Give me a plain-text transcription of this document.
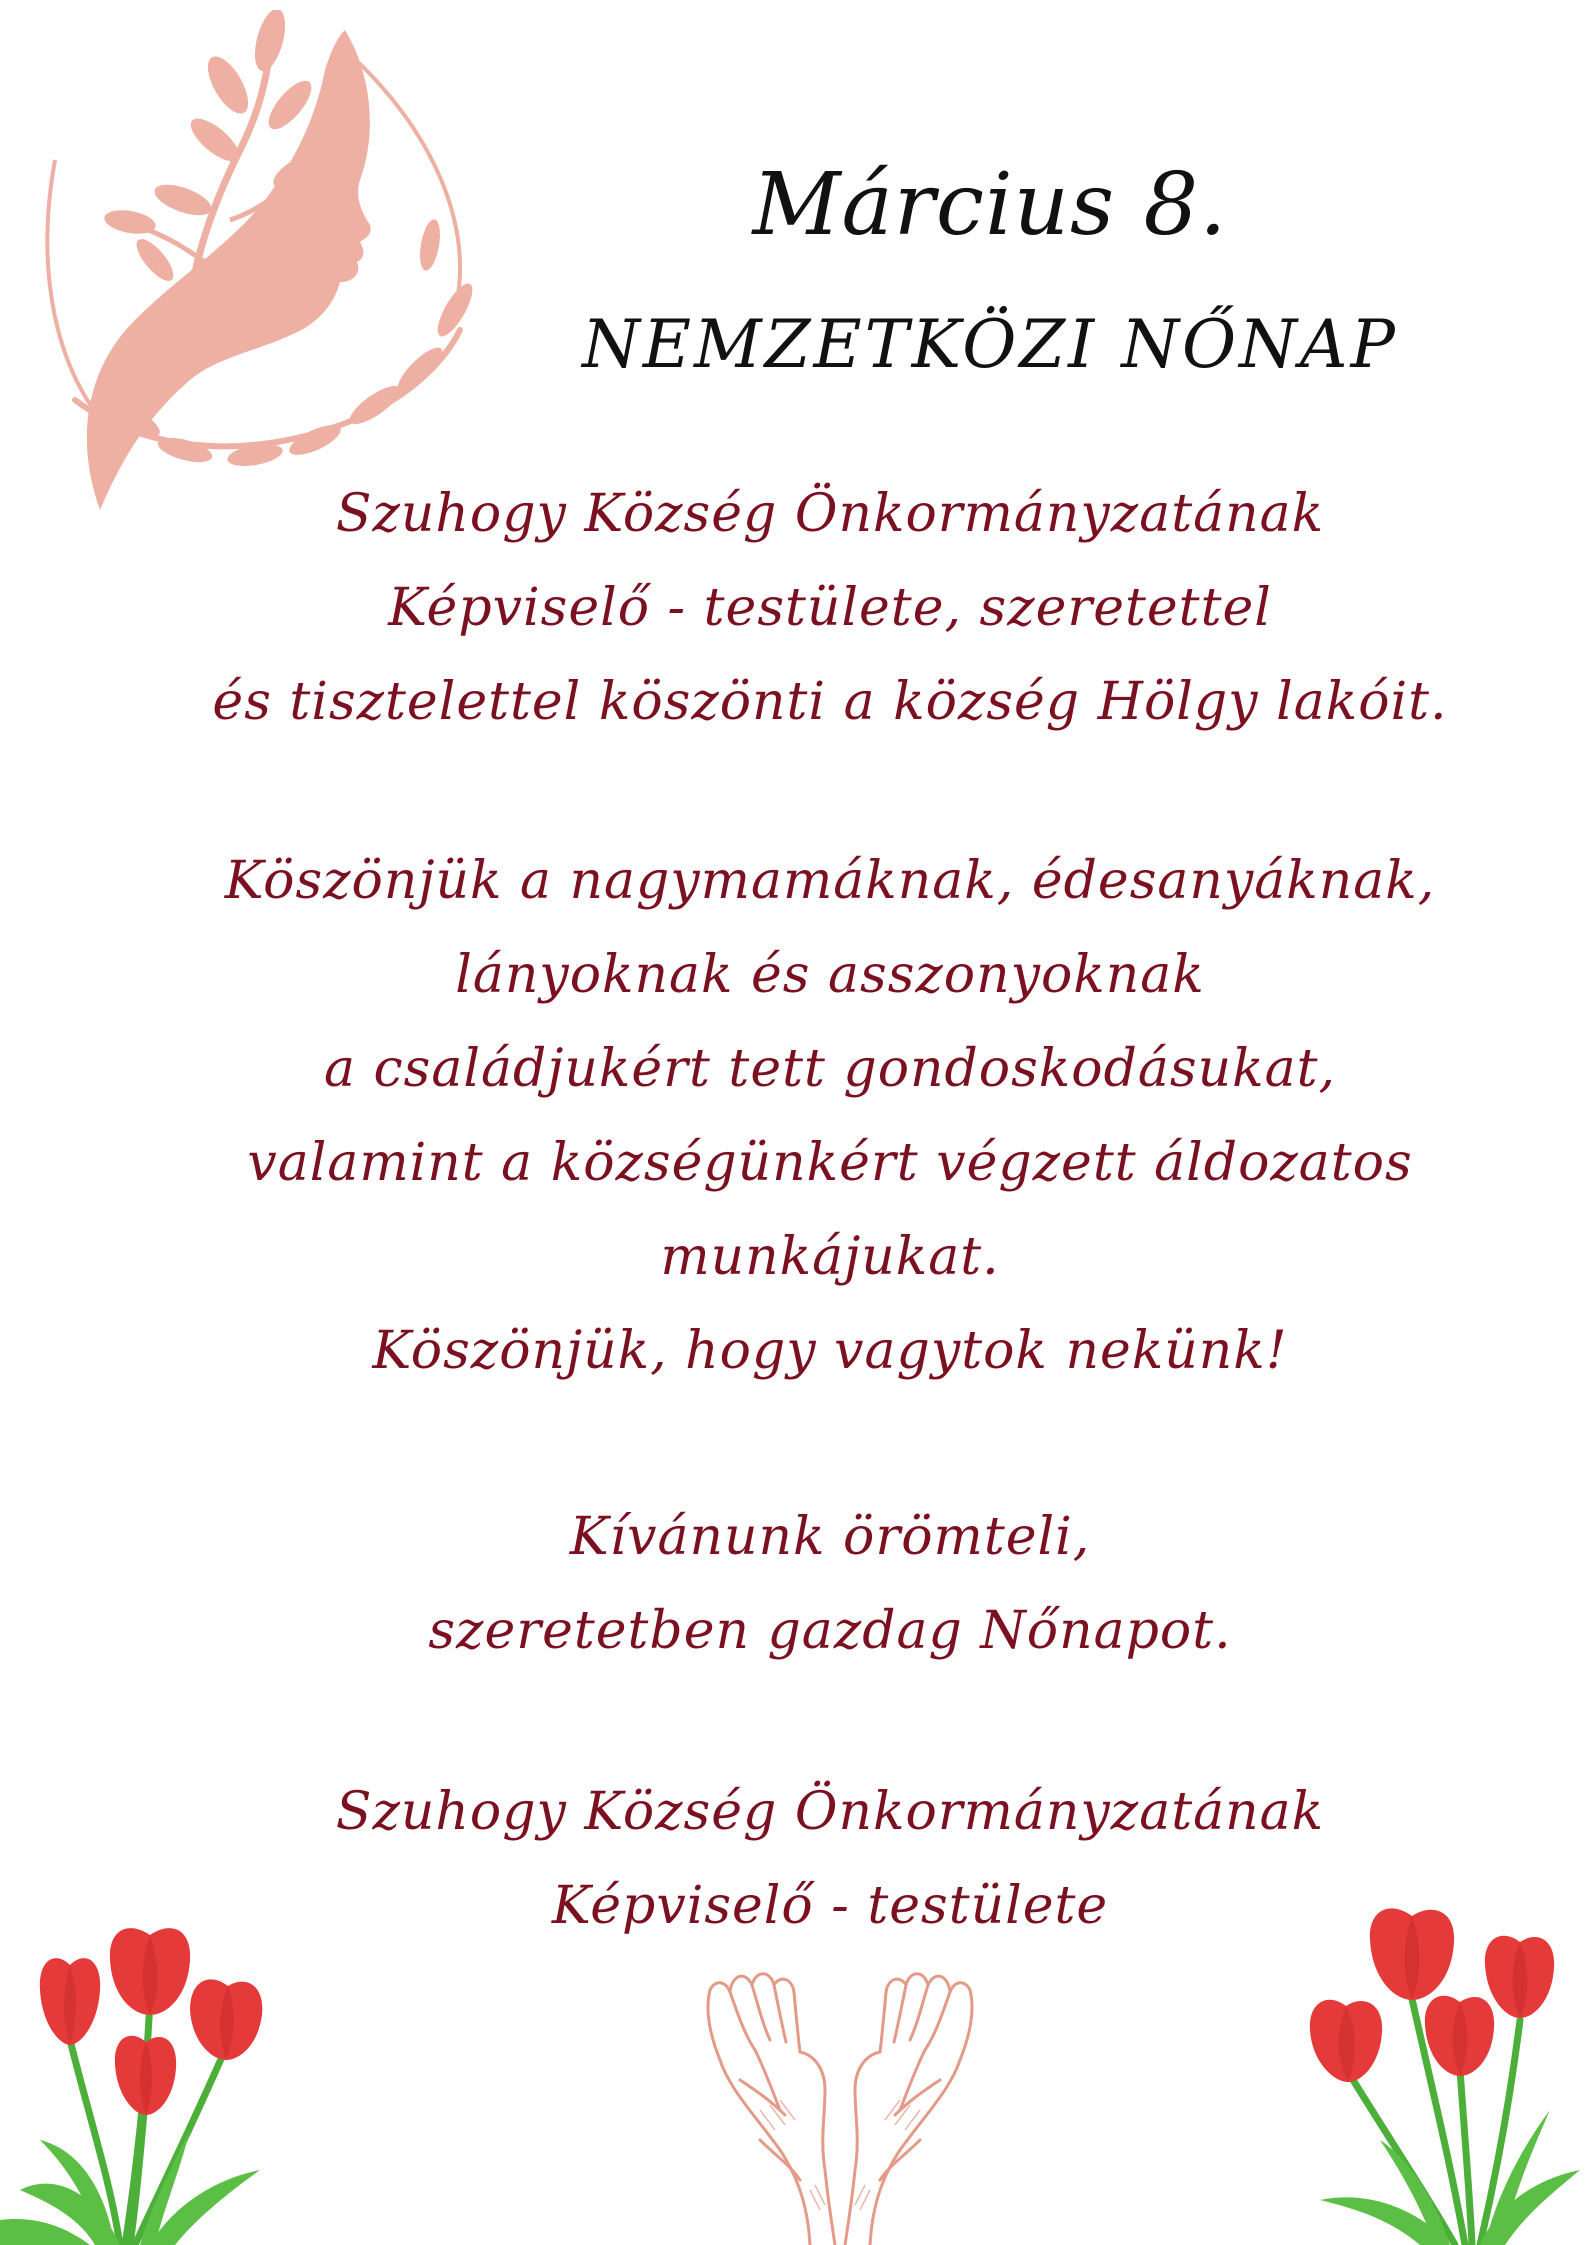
Március 8.
NEMZETKÖZI NŐNAP
Szuhogy Község Önkormányzatának
Képviselő - testülete, szeretettel
és tisztelettel köszönti a község Hölgy lakóit.
Köszönjük a nagymamáknak, édesanyáknak,
lányoknak és asszonyoknak
a családjukért tett gondoskodásukat,
valamint a községünkért végzett áldozatos
munkájukat.
Köszönjük, hogy vagytok nekünk!
Kívánunk örömteli,
szeretetben gazdag Nőnapot.
Szuhogy Község Önkormányzatának
Képviselő - testülete
